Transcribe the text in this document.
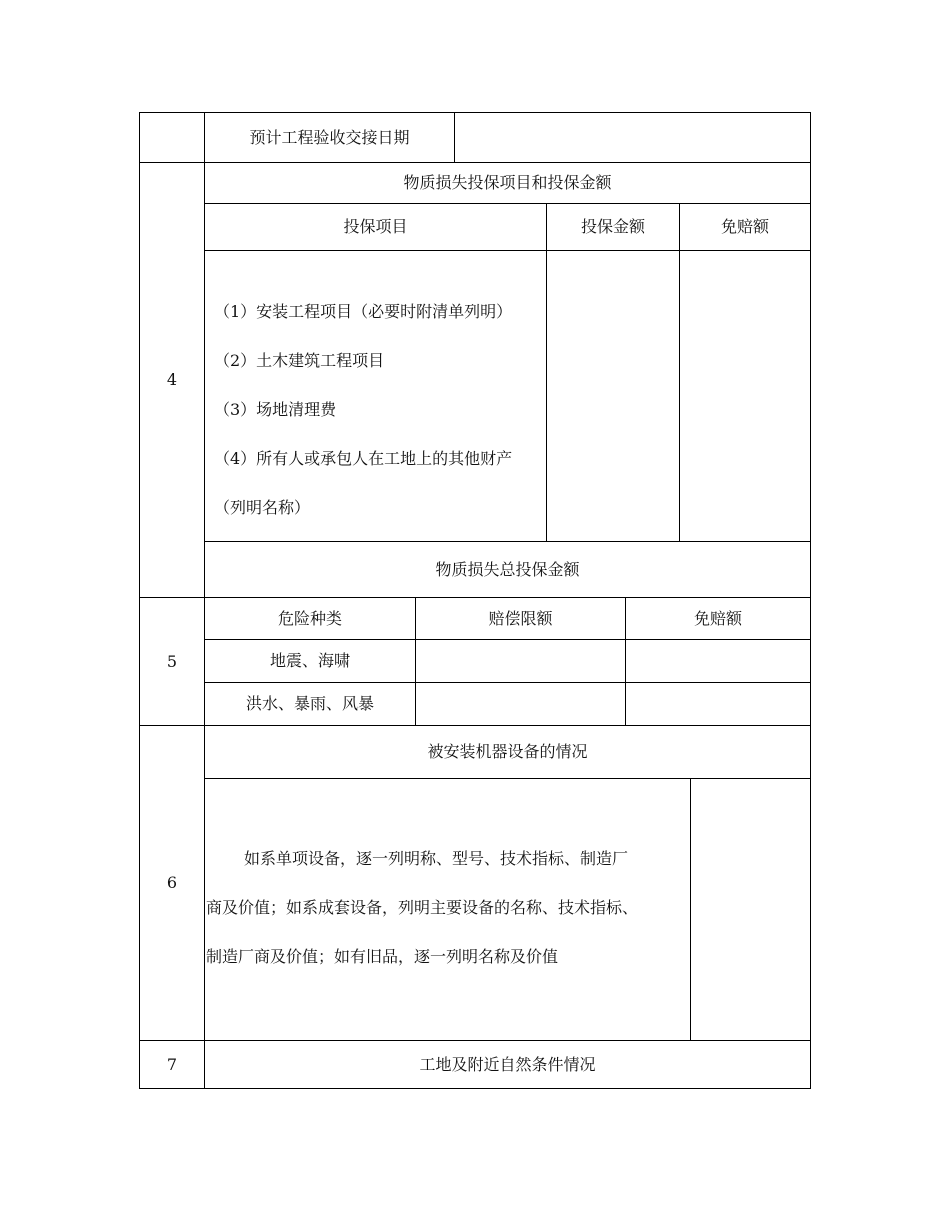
预计工程验收交接日期
4
物质损失投保项目和投保金额
投保项目	投保金额	免赔额
（1）安装工程项目（必要时附清单列明）
（2）土木建筑工程项目
（3）场地清理费
（4）所有人或承包人在工地上的其他财产
（列明名称）
物质损失总投保金额
5
危险种类	赔偿限额	免赔额
地震、海啸
洪水、暴雨、风暴
6
被安装机器设备的情况
如系单项设备，逐一列明称、型号、技术指标、制造厂
商及价值；如系成套设备，列明主要设备的名称、技术指标、
制造厂商及价值；如有旧品，逐一列明名称及价值
7	工地及附近自然条件情况
